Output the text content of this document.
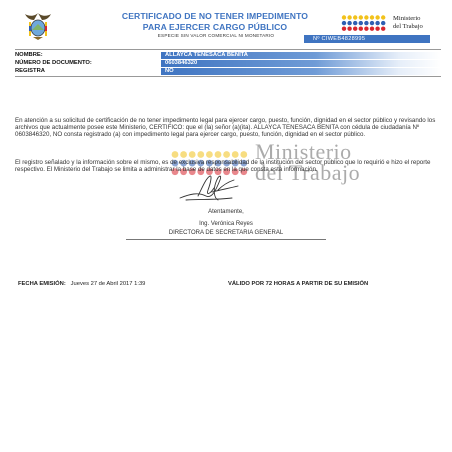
CERTIFICADO DE NO TENER IMPEDIMENTO
PARA EJERCER CARGO PÚBLICO
ESPECIE SIN VALOR COMERCIAL NI MONETARIO
Ministerio
del Trabajo
Nº CIWEB4828995
NOMBRE:	ALLAYCA TENESACA BENITA
NÚMERO DE DOCUMENTO:	0603846320
REGISTRA	NO
En atención a su solicitud de certificación de no tener impedimento legal para ejercer cargo, puesto, función, dignidad en el sector público y revisando los archivos que actualmente posee este Ministerio, CERTIFICO: que el (la) señor (a)(ita). ALLAYCA TENESACA BENITA con cédula de ciudadanía Nº 0603846320, NO consta registrado (a) con impedimento legal para ejercer cargo, puesto, función, dignidad en el sector público.
Ministerio
del Trabajo
El registro señalado y la información sobre el mismo, es de exclusiva responsabilidad de la institución del sector público que lo requirió e hizo el reporte respectivo. El Ministerio del Trabajo se limita a administrar la base de datos en la que consta esta información.
Atentamente,
Ing. Verónica Reyes
DIRECTORA DE SECRETARIA GENERAL
FECHA EMISIÓN: Jueves 27 de Abril 2017 1:39	VÁLIDO POR 72 HORAS A PARTIR DE SU EMISIÓN
